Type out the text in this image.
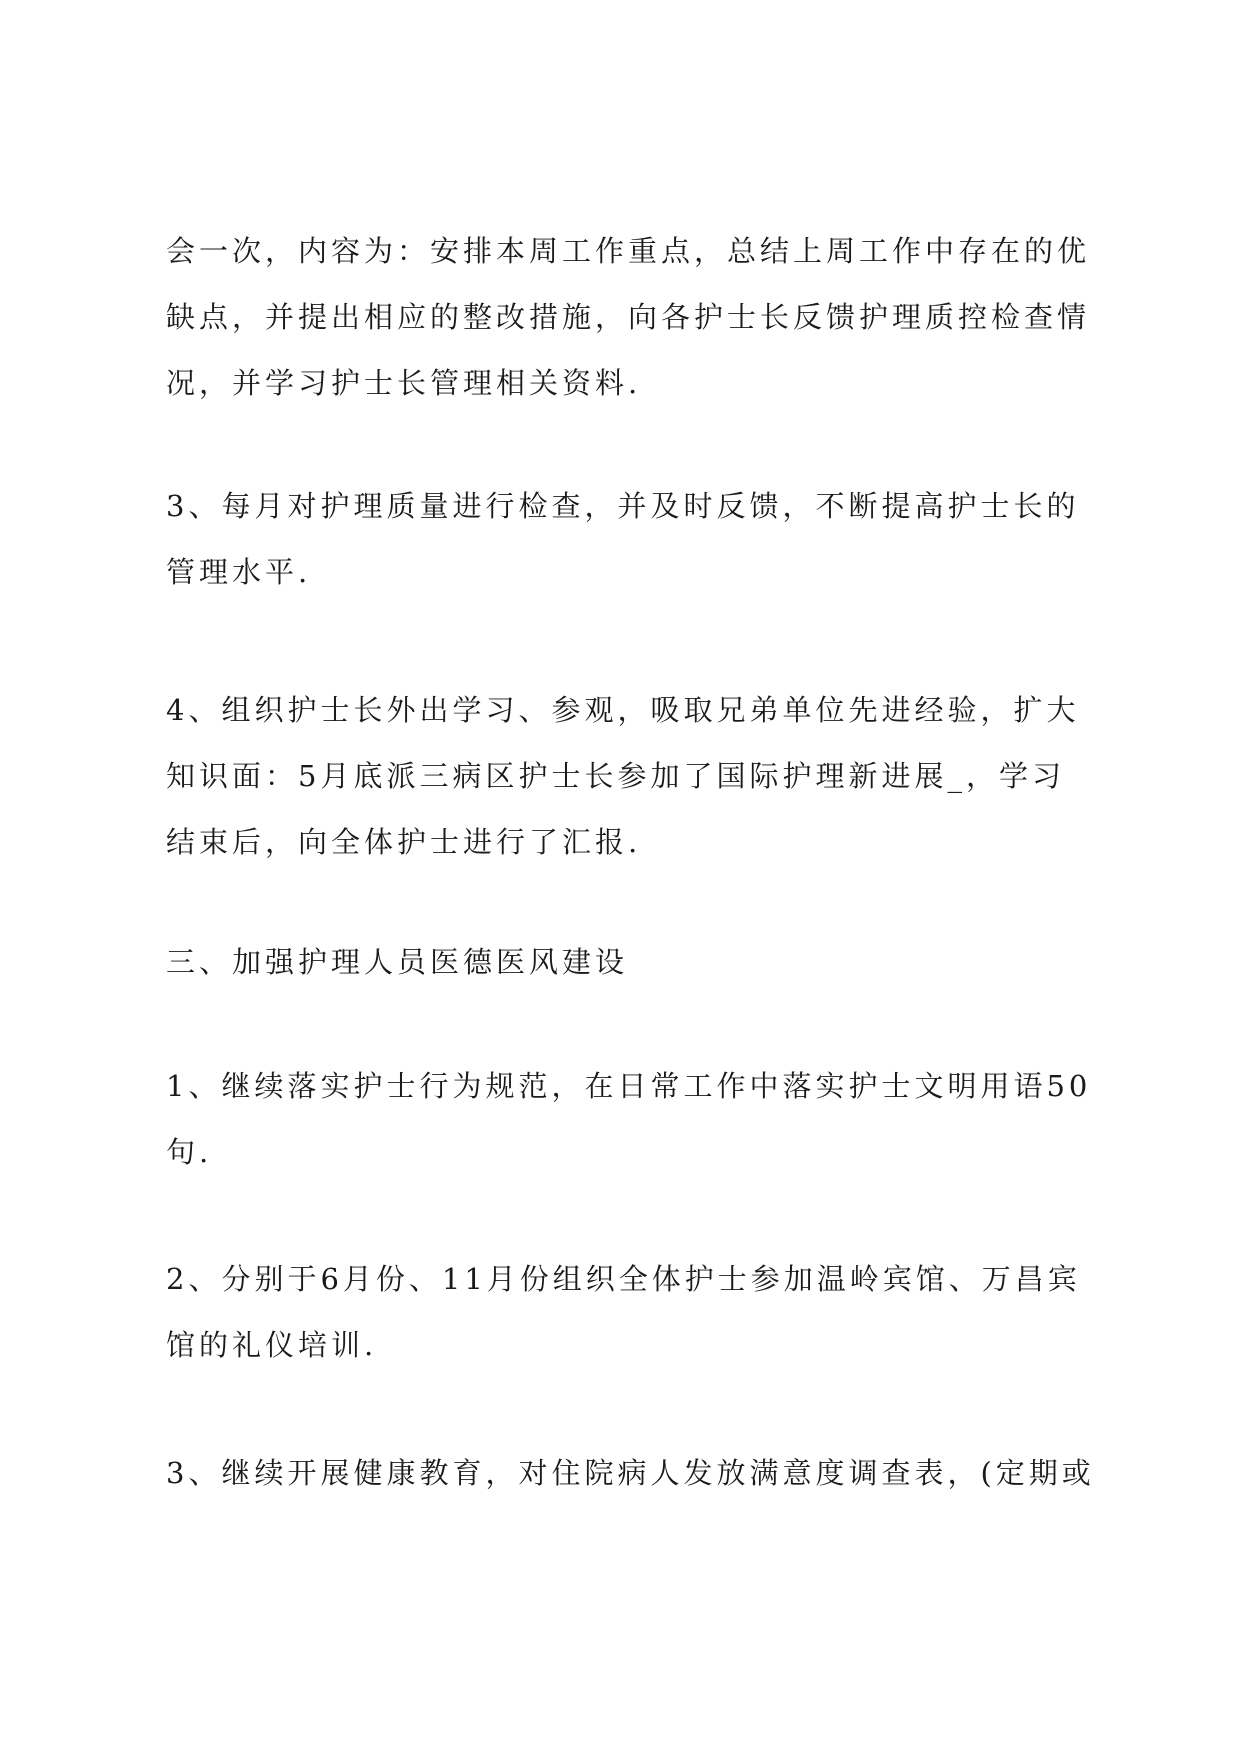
会一次，内容为：安排本周工作重点，总结上周工作中存在的优
缺点，并提出相应的整改措施，向各护士长反馈护理质控检查情
况，并学习护士长管理相关资料.

3、每月对护理质量进行检查，并及时反馈，不断提高护士长的
管理水平.

4、组织护士长外出学习、参观，吸取兄弟单位先进经验，扩大
知识面：5月底派三病区护士长参加了国际护理新进展_，学习
结束后，向全体护士进行了汇报.

三、加强护理人员医德医风建设

1、继续落实护士行为规范，在日常工作中落实护士文明用语50
句.

2、分别于6月份、11月份组织全体护士参加温岭宾馆、万昌宾
馆的礼仪培训.

3、继续开展健康教育，对住院病人发放满意度调查表，(定期或
